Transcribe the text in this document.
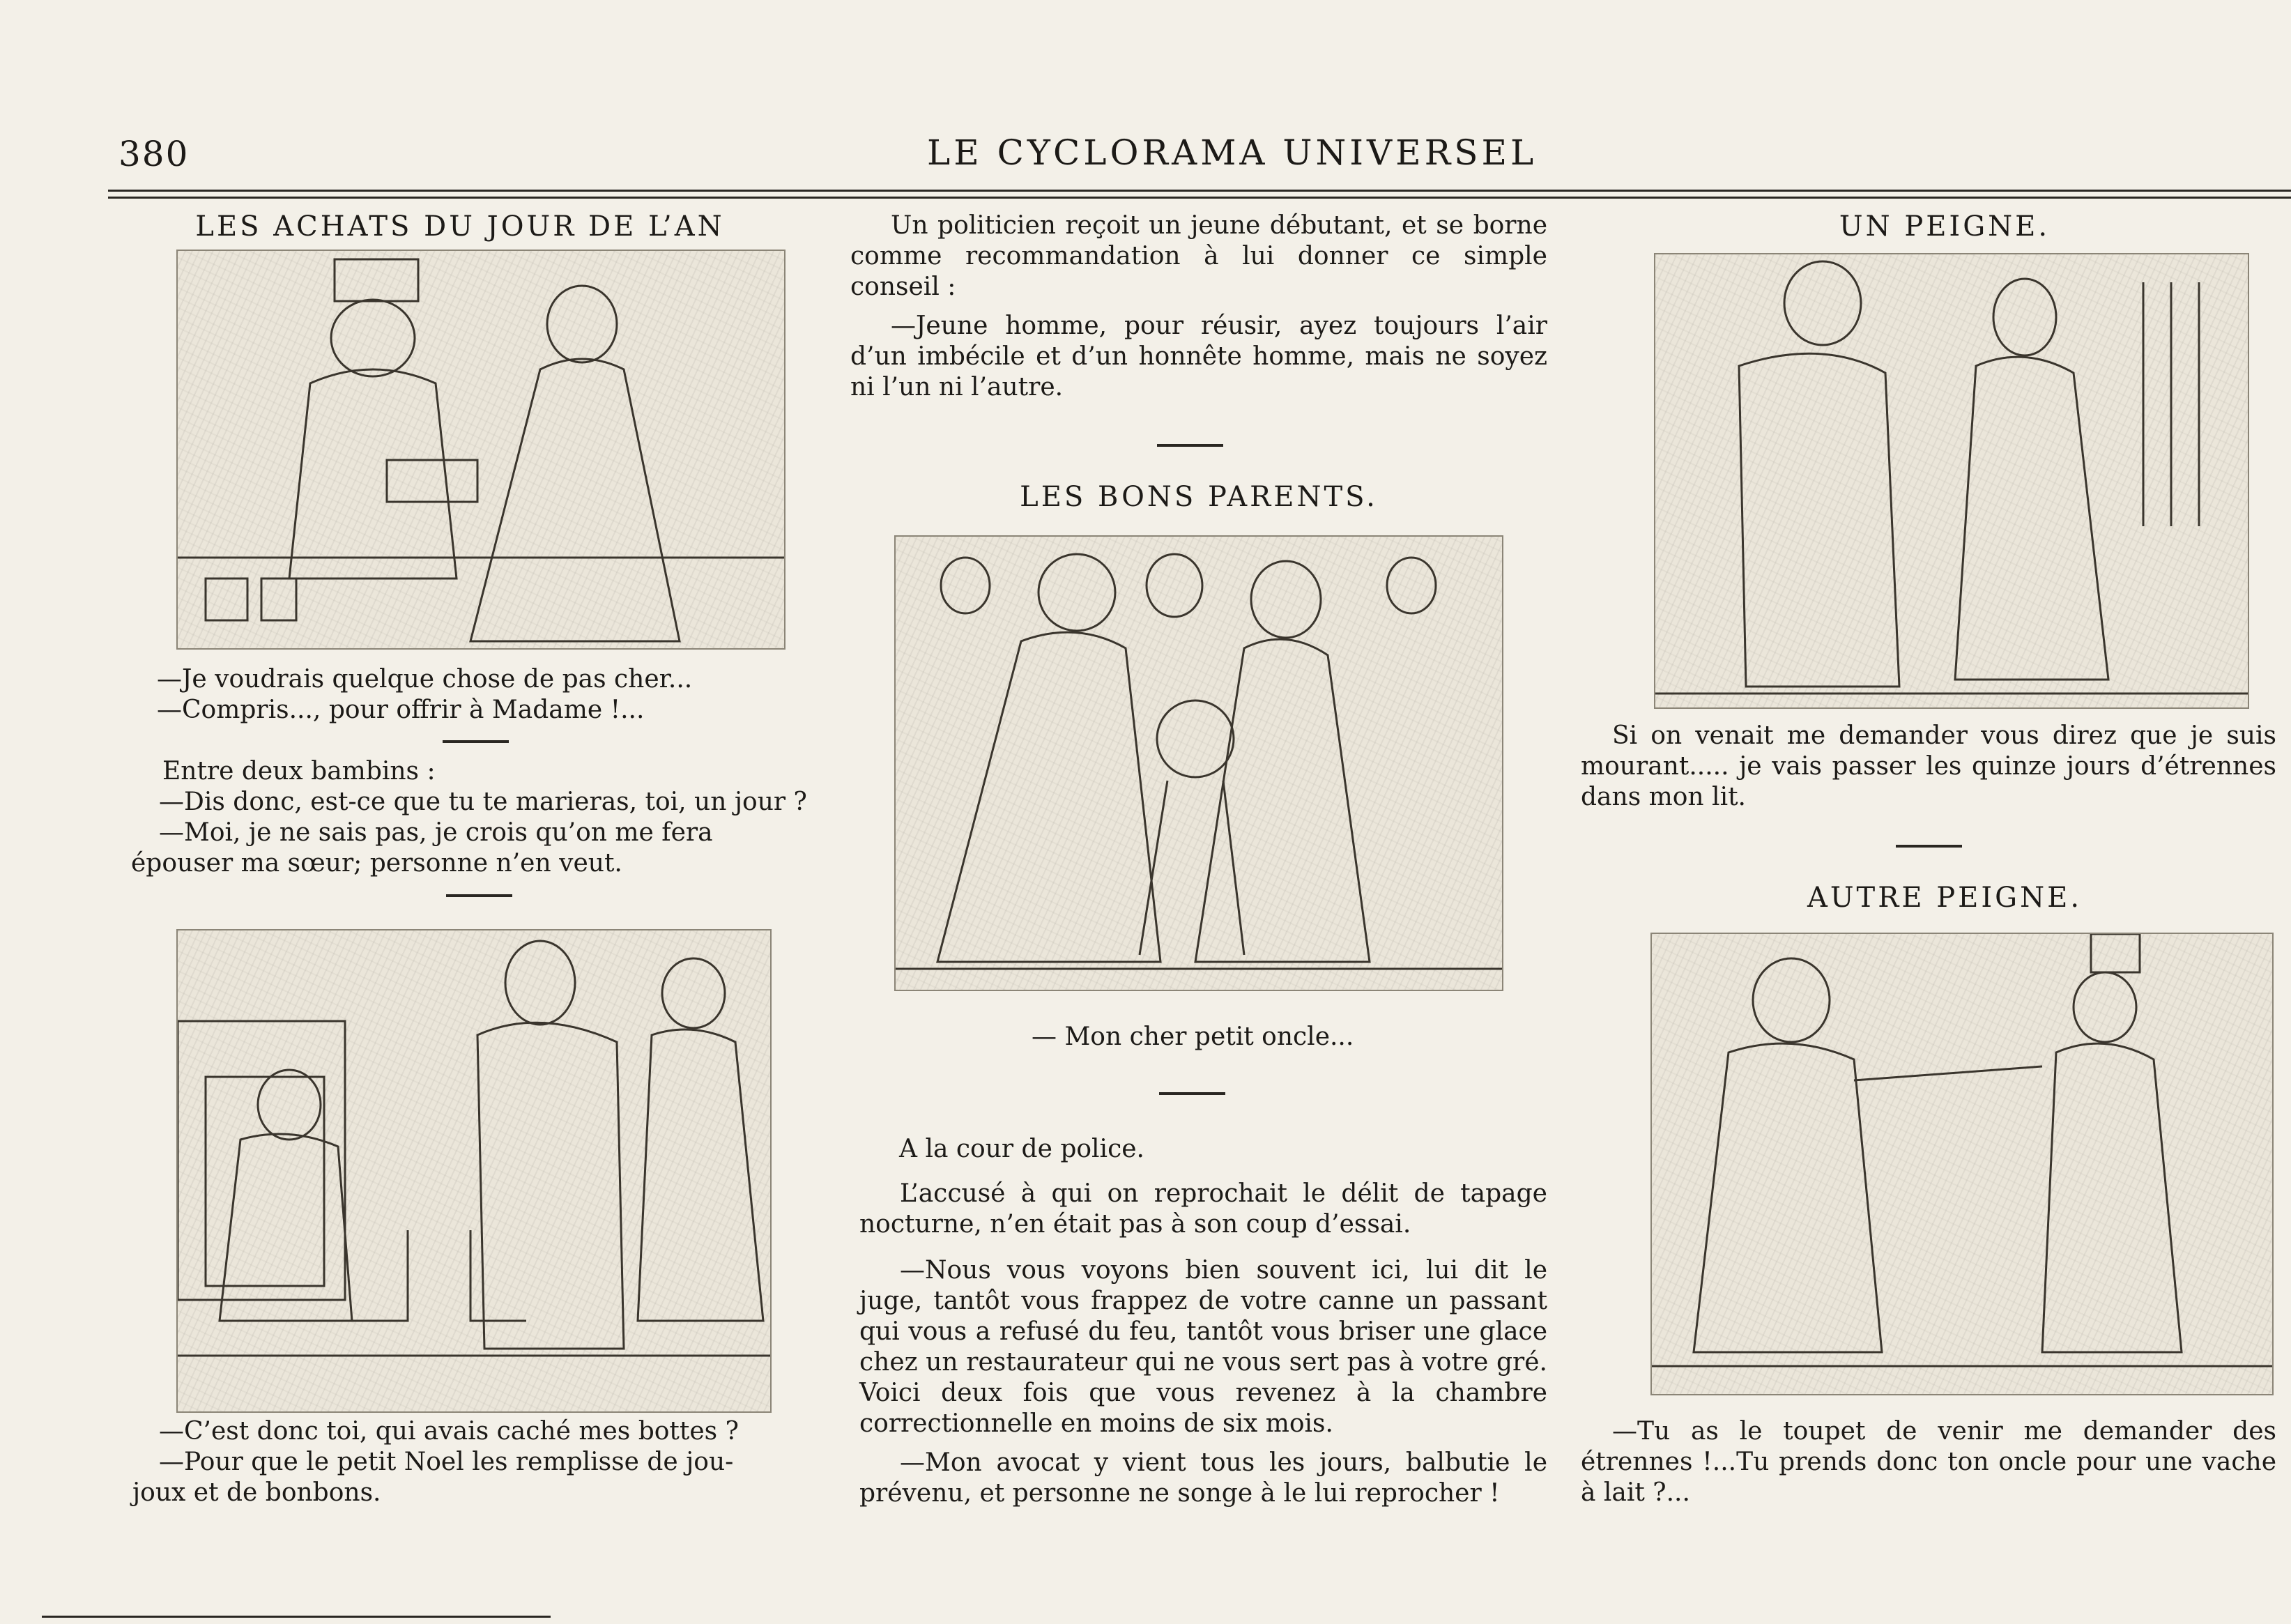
380	LE CYCLORAMA UNIVERSEL
LES ACHATS DU JOUR DE L’AN
—Je voudrais quelque chose de pas cher...
—Compris..., pour offrir à Madame !...
Entre deux bambins :
—Dis donc, est-ce que tu te marieras, toi, un jour ?
—Moi, je ne sais pas, je crois qu’on me fera
épouser ma sœur; personne n’en veut.
—C’est donc toi, qui avais caché mes bottes ?
—Pour que le petit Noel les remplisse de jou-
joux et de bonbons.
Un politicien reçoit un jeune débutant, et se borne comme recommandation à lui donner ce simple conseil :
—Jeune homme, pour réusir, ayez toujours l’air d’un imbécile et d’un honnête homme, mais ne soyez ni l’un ni l’autre.
LES BONS PARENTS.
— Mon cher petit oncle...
A la cour de police.
L’accusé à qui on reprochait le délit de tapage nocturne, n’en était pas à son coup d’essai.
—Nous vous voyons bien souvent ici, lui dit le juge, tantôt vous frappez de votre canne un passant qui vous a refusé du feu, tantôt vous briser une glace chez un restaurateur qui ne vous sert pas à votre gré. Voici deux fois que vous revenez à la chambre correctionnelle en moins de six mois.
—Mon avocat y vient tous les jours, balbutie le prévenu, et personne ne songe à le lui reprocher !
UN PEIGNE.
Si on venait me demander vous direz que je suis mourant..... je vais passer les quinze jours d’étrennes dans mon lit.
AUTRE PEIGNE.
—Tu as le toupet de venir me demander des étrennes !...Tu prends donc ton oncle pour une vache à lait ?...
